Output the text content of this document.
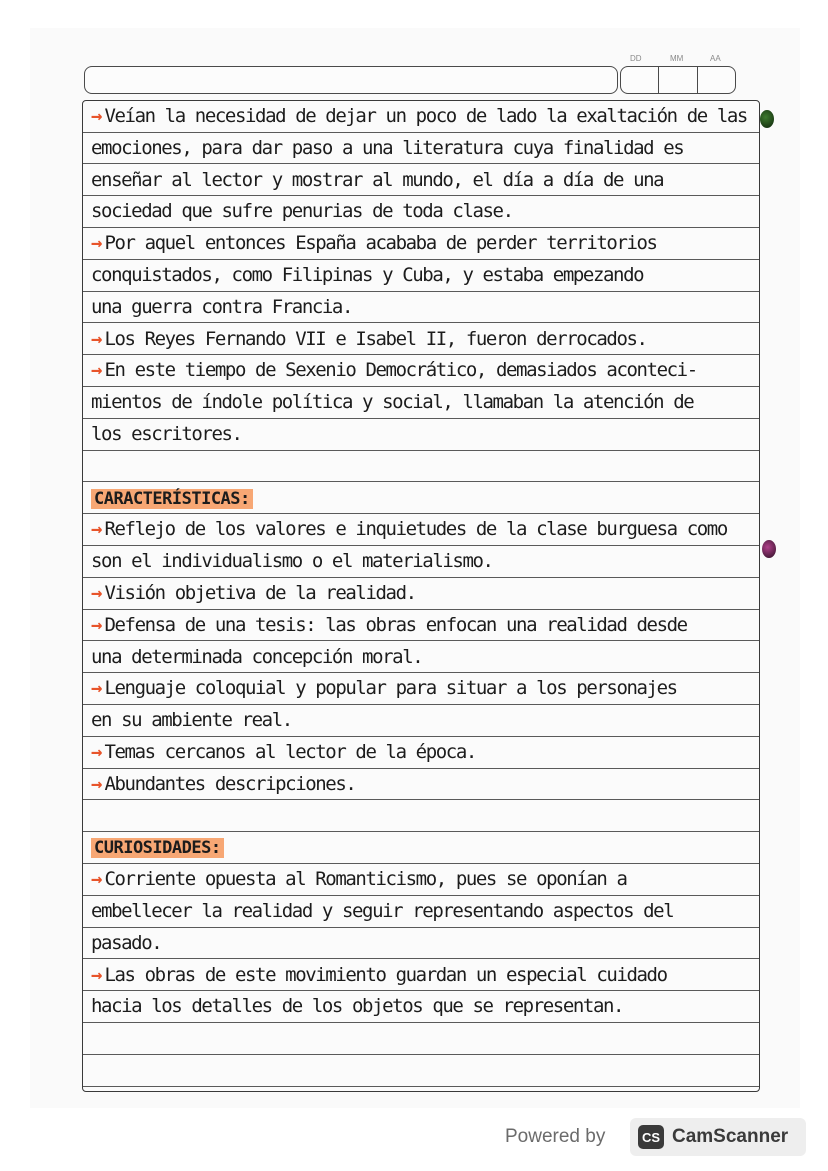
DD	MM	AA
→ Veían la necesidad de dejar un poco de lado la exaltación de las
emociones, para dar paso a una literatura cuya finalidad es
enseñar al lector y mostrar al mundo, el día a día de una
sociedad que sufre penurias de toda clase.
→ Por aquel entonces España acababa de perder territorios
conquistados, como Filipinas y Cuba, y estaba empezando
una guerra contra Francia.
→ Los Reyes Fernando VII e Isabel II, fueron derrocados.
→ En este tiempo de Sexenio Democrático, demasiados aconteci-
mientos de índole política y social, llamaban la atención de
los escritores.
CARACTERÍSTICAS:
→ Reflejo de los valores e inquietudes de la clase burguesa como
son el individualismo o el materialismo.
→ Visión objetiva de la realidad.
→ Defensa de una tesis: las obras enfocan una realidad desde
una determinada concepción moral.
→ Lenguaje coloquial y popular para situar a los personajes
en su ambiente real.
→ Temas cercanos al lector de la época.
→ Abundantes descripciones.
CURIOSIDADES:
→ Corriente opuesta al Romanticismo, pues se oponían a
embellecer la realidad y seguir representando aspectos del
pasado.
→ Las obras de este movimiento guardan un especial cuidado
hacia los detalles de los objetos que se representan.
Powered by	CS CamScanner
